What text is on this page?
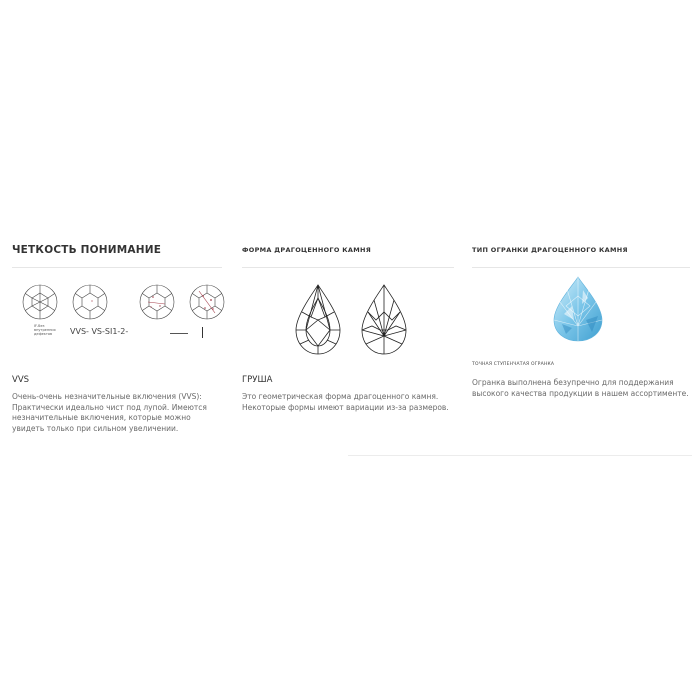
ЧЕТКОСТЬ ПОНИМАНИЕ
IF-без внутренних дефектов	VVS- VS-SI1-2-
VVS

Очень-очень незначительные включения (VVS): Практически идеально чист под лупой. Имеются незначительные включения, которые можно увидеть только при сильном увеличении.

ФОРМА ДРАГОЦЕННОГО КАМНЯ
ГРУША

Это геометрическая форма драгоценного камня. Некоторые формы имеют вариации из-за размеров.

ТИП ОГРАНКИ ДРАГОЦЕННОГО КАМНЯ
ТОЧНАЯ СТУПЕНЧАТАЯ ОГРАНКА

Огранка выполнена безупречно для поддержания высокого качества продукции в нашем ассортименте.
